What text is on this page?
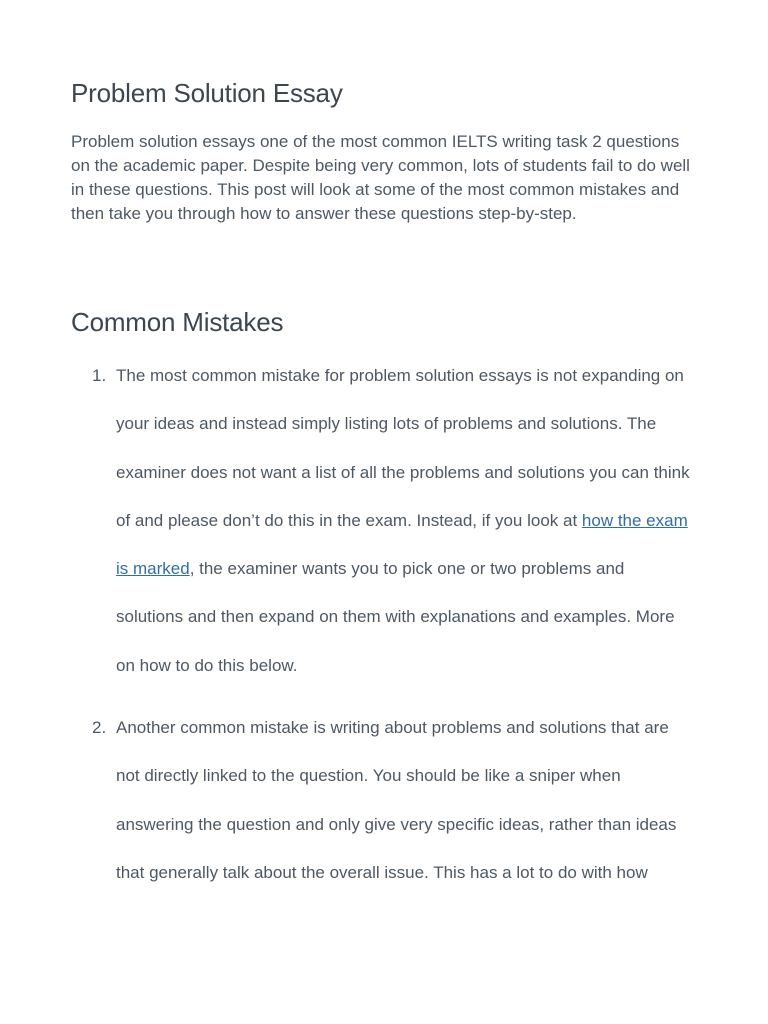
Problem Solution Essay

Problem solution essays one of the most common IELTS writing task 2 questions on the academic paper. Despite being very common, lots of students fail to do well in these questions. This post will look at some of the most common mistakes and then take you through how to answer these questions step-by-step.

Common Mistakes
1. The most common mistake for problem solution essays is not expanding on your ideas and instead simply listing lots of problems and solutions. The examiner does not want a list of all the problems and solutions you can think of and please don’t do this in the exam. Instead, if you look at how the exam is marked, the examiner wants you to pick one or two problems and solutions and then expand on them with explanations and examples. More on how to do this below.
2. Another common mistake is writing about problems and solutions that are not directly linked to the question. You should be like a sniper when answering the question and only give very specific ideas, rather than ideas that generally talk about the overall issue. This has a lot to do with how
